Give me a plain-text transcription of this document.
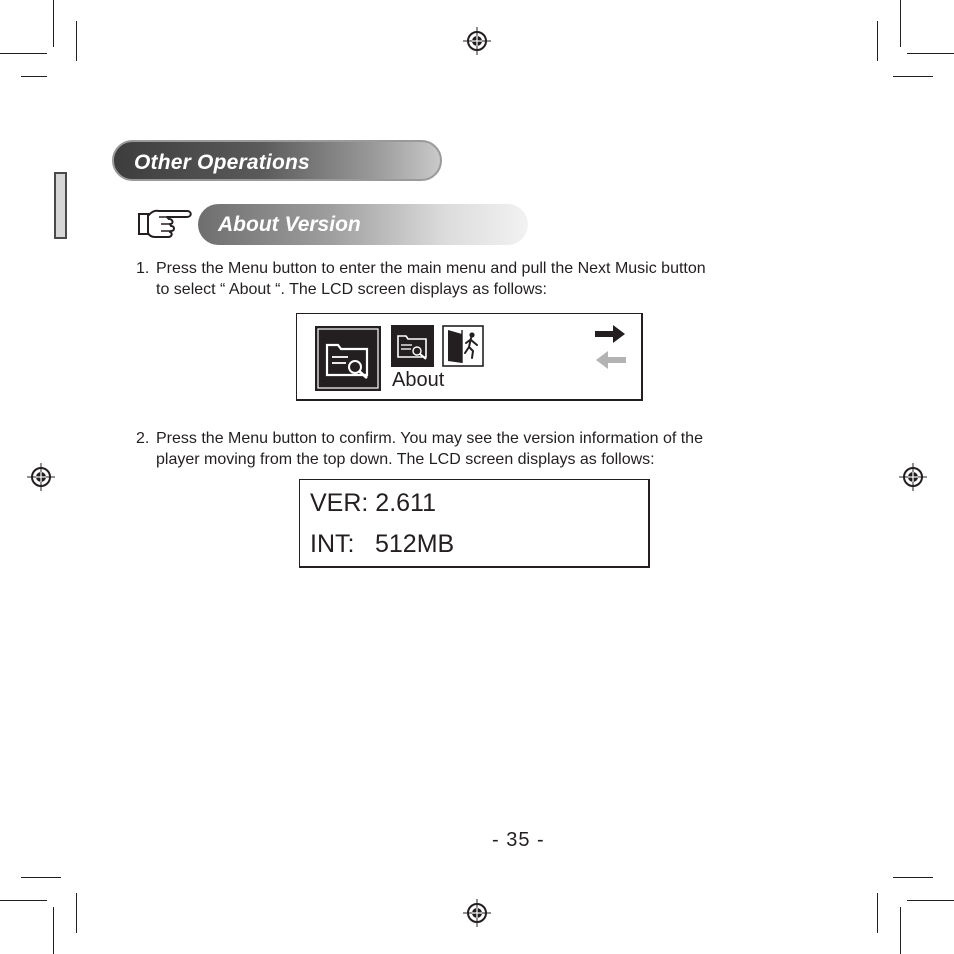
Other Operations
About Version
1. Press the Menu button to enter the main menu and pull the Next Music button
to select “ About “. The LCD screen displays as follows:
About
2. Press the Menu button to confirm. You may see the version information of the
player moving from the top down. The LCD screen displays as follows:
VER: 2.611
INT: 512MB
- 35 -
